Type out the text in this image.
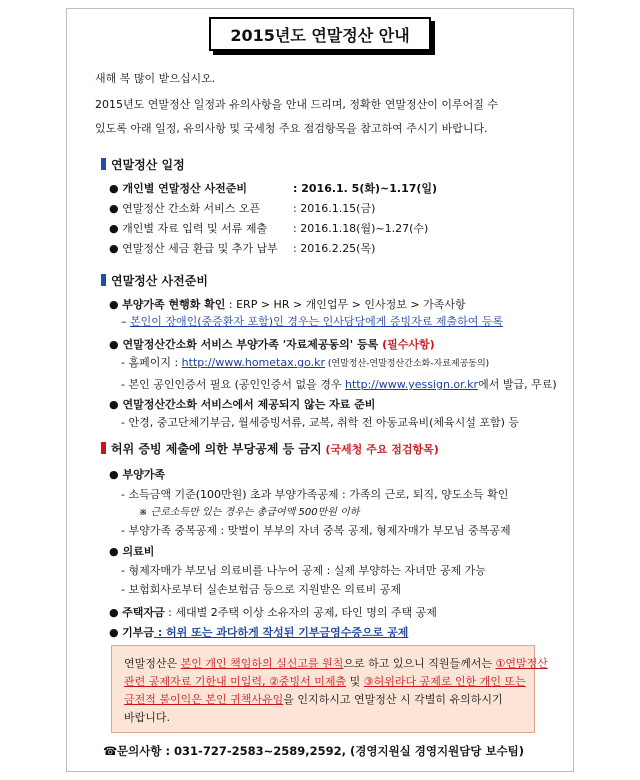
2015년도 연말정산 안내
새해 복 많이 받으십시오.
2015년도 연말정산 일정과 유의사항을 안내 드리며, 정확한 연말정산이 이루어질 수
있도록 아래 일정, 유의사항 및 국세청 주요 점검항목을 참고하여 주시기 바랍니다.
연말정산 일정
● 개인별 연말정산 사전준비	: 2016.1. 5(화)~1.17(일)
● 연말정산 간소화 서비스 오픈	: 2016.1.15(금)
● 개인별 자료 입력 및 서류 제출 : 2016.1.18(월)~1.27(수)
● 연말정산 세금 환급 및 추가 납부 : 2016.2.25(목)
연말정산 사전준비
● 부양가족 현행화 확인 : ERP > HR > 개인업무 > 인사정보 > 가족사항
– 본인이 장애인(중증환자 포함)인 경우는 인사담당에게 증빙자료 제출하여 등록
● 연말정산간소화 서비스 부양가족 '자료제공동의' 등록 (필수사항)
- 홈페이지 : http://www.hometax.go.kr (연말정산-연말정산간소화-자료제공동의)
- 본인 공인인증서 필요 (공인인증서 없을 경우 http://www.yessign.or.kr에서 발급, 무료)
● 연말정산간소화 서비스에서 제공되지 않는 자료 준비
- 안경, 중고단체기부금, 월세증빙서류, 교복, 취학 전 아동교육비(체육시설 포함) 등
허위 증빙 제출에 의한 부당공제 등 금지 (국세청 주요 점검항목)
● 부양가족
- 소득금액 기준(100만원) 초과 부양가족공제 : 가족의 근로, 퇴직, 양도소득 확인
※ 근로소득만 있는 경우는 총급여액 500만원 이하
- 부양가족 중복공제 : 맞벌이 부부의 자녀 중복 공제, 형제자매가 부모님 중복공제
● 의료비
- 형제자매가 부모님 의료비를 나누어 공제 : 실제 부양하는 자녀만 공제 가능
- 보험회사로부터 실손보험금 등으로 지원받은 의료비 공제
● 주택자금 : 세대별 2주택 이상 소유자의 공제, 타인 명의 주택 공제
● 기부금 : 허위 또는 과다하게 작성된 기부금영수증으로 공제
연말정산은 본인 개인 책임하의 실신고를 원칙으로 하고 있으니 직원들께서는 ①연말정산
관련 공제자료 기한내 미입력, ②중빙서 미제출 및 ③허위라다 공제로 인한 개인 또는
금전적 불이익은 본인 귀책사유임을 인지하시고 연말정산 시 각별히 유의하시기
바랍니다.
☎문의사항 : 031-727-2583~2589,2592, (경영지원실 경영지원담당 보수팀)
